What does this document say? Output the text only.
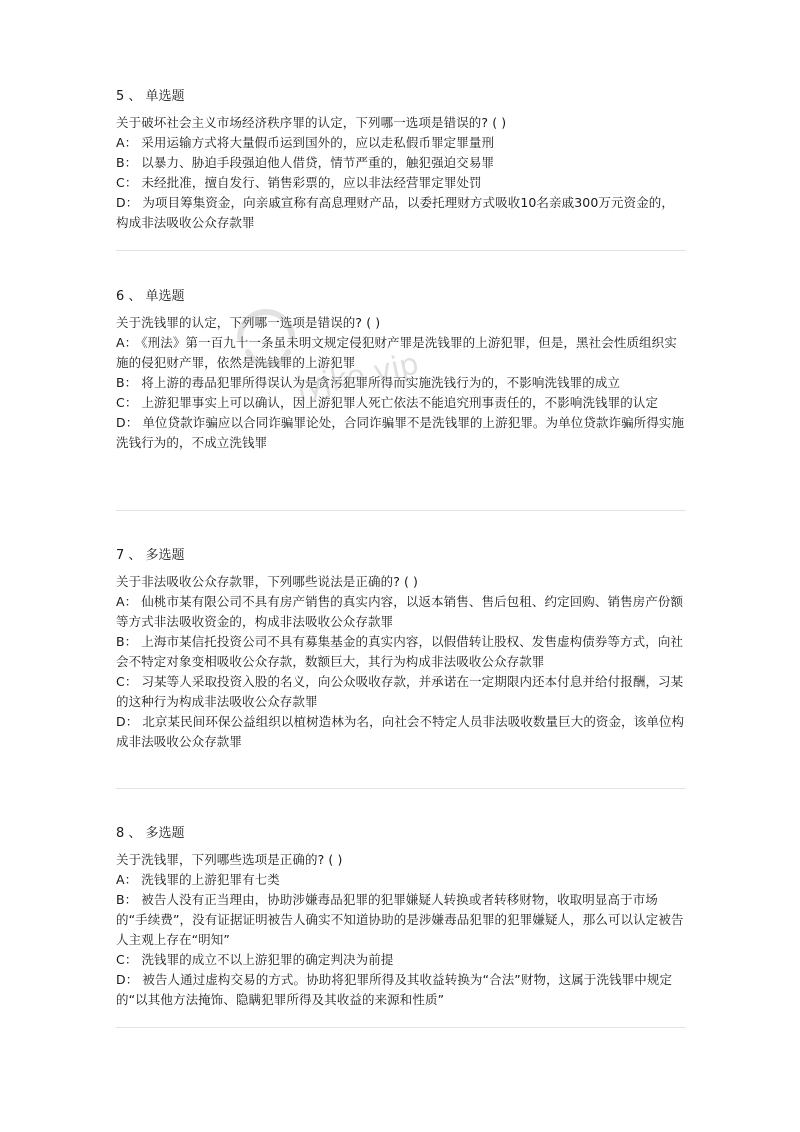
5 、 单选题
关于破坏社会主义市场经济秩序罪的认定，下列哪一选项是错误的? ( )
A： 采用运输方式将大量假币运到国外的，应以走私假币罪定罪量刑
B： 以暴力、胁迫手段强迫他人借贷，情节严重的，触犯强迫交易罪
C： 未经批准，擅自发行、销售彩票的，应以非法经营罪定罪处罚
D： 为项目筹集资金，向亲戚宣称有高息理财产品，以委托理财方式吸收10名亲戚300万元资金的，构成非法吸收公众存款罪
6 、 单选题
关于洗钱罪的认定，下列哪一选项是错误的? ( )
A： 《刑法》第一百九十一条虽未明文规定侵犯财产罪是洗钱罪的上游犯罪，但是，黑社会性质组织实施的侵犯财产罪，依然是洗钱罪的上游犯罪
B： 将上游的毒品犯罪所得误认为是贪污犯罪所得而实施洗钱行为的，不影响洗钱罪的成立
C： 上游犯罪事实上可以确认，因上游犯罪人死亡依法不能追究刑事责任的，不影响洗钱罪的认定
D： 单位贷款诈骗应以合同诈骗罪论处，合同诈骗罪不是洗钱罪的上游犯罪。为单位贷款诈骗所得实施洗钱行为的，不成立洗钱罪
7 、 多选题
关于非法吸收公众存款罪，下列哪些说法是正确的? ( )
A： 仙桃市某有限公司不具有房产销售的真实内容，以返本销售、售后包租、约定回购、销售房产份额等方式非法吸收资金的，构成非法吸收公众存款罪
B： 上海市某信托投资公司不具有募集基金的真实内容，以假借转让股权、发售虚构债券等方式，向社会不特定对象变相吸收公众存款，数额巨大，其行为构成非法吸收公众存款罪
C： 习某等人采取投资入股的名义，向公众吸收存款，并承诺在一定期限内还本付息并给付报酬，习某的这种行为构成非法吸收公众存款罪
D： 北京某民间环保公益组织以植树造林为名，向社会不特定人员非法吸收数量巨大的资金，该单位构成非法吸收公众存款罪
8 、 多选题
关于洗钱罪，下列哪些选项是正确的? ( )
A： 洗钱罪的上游犯罪有七类
B： 被告人没有正当理由，协助涉嫌毒品犯罪的犯罪嫌疑人转换或者转移财物，收取明显高于市场的“手续费”，没有证据证明被告人确实不知道协助的是涉嫌毒品犯罪的犯罪嫌疑人，那么可以认定被告人主观上存在“明知”
C： 洗钱罪的成立不以上游犯罪的确定判决为前提
D： 被告人通过虚构交易的方式。协助将犯罪所得及其收益转换为“合法”财物，这属于洗钱罪中规定的“以其他方法掩饰、隐瞒犯罪所得及其收益的来源和性质”
jyjke.vip
